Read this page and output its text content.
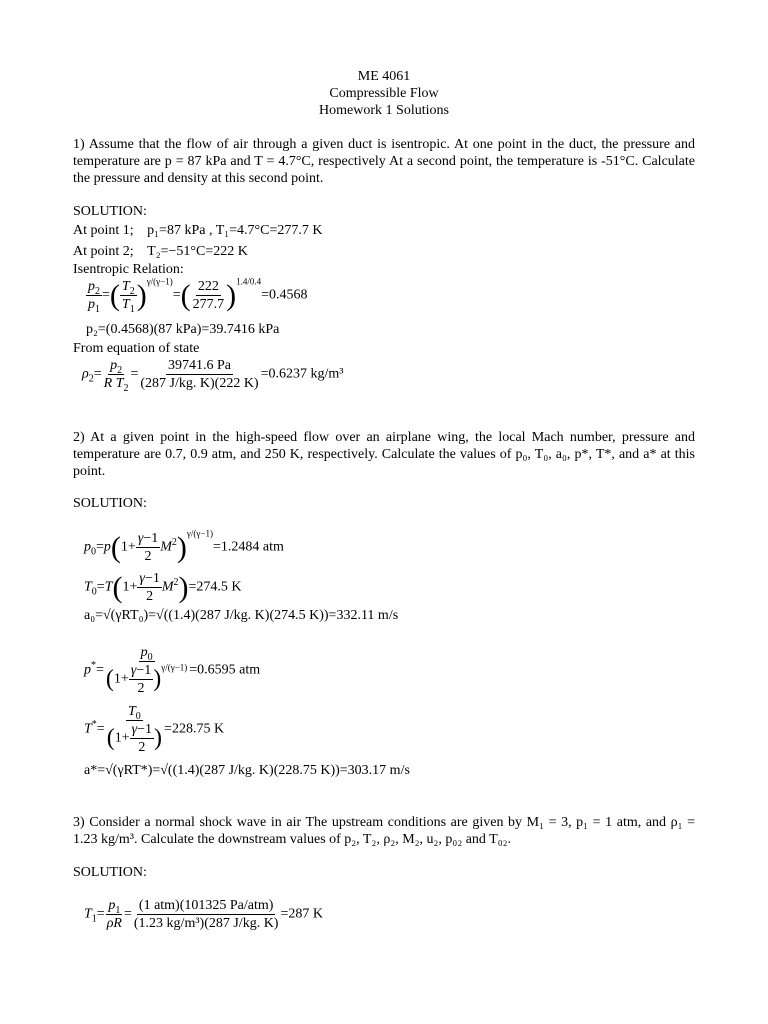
ME 4061
Compressible Flow
Homework 1 Solutions
1) Assume that the flow of air through a given duct is isentropic. At one point in the duct, the pressure and temperature are p = 87 kPa and T = 4.7°C, respectively At a second point, the temperature is -51°C. Calculate the pressure and density at this second point.
SOLUTION:
At point 1; p₁=87 kPa , T₁=4.7°C=277.7 K
At point 2; T₂=−51°C=222 K
Isentropic Relation:
$\frac{p_2}{p_1}$ =( $\frac{T_2}{T_1} )^{\gamma/(\gamma-1)}=( \frac{222}{277.7} )^{1.4/0.4}=0.4568$
p₂=(0.4568)(87 kPa)=39.7416 kPa
From equation of state
$\rho_2= \frac{p_2}{R T_2} = \frac{39741.6 Pa}{(287 J/kg. K)(222 K)} =0.6237$ kg/m³
2) At a given point in the high-speed flow over an airplane wing, the local Mach number, pressure and temperature are 0.7, 0.9 atm, and 250 K, respectively. Calculate the values of p₀, T₀, a₀, p*, T*, and a* at this point.
SOLUTION:
$p_0=p(1+ \frac{\gamma-1}{2} M^2)^{\gamma/(\gamma-1)}=1.2484$ atm
$T_0=T(1+ \frac{\gamma-1}{2} M^2)=274.5$ K
a₀=√(γRT₀)=√((1.4)(287 J/kg. K)(274.5 K))=332.11 m/s
$p^*= \frac{p_0}{(1+ \frac{\gamma-1}{2} )^{\gamma/(\gamma-1)}} =0.6595$ atm
$T^*= \frac{T_0}{(1+ \frac{\gamma-1}{2} )} =228.75$ K
a*=√(γRT*)=√((1.4)(287 J/kg. K)(228.75 K))=303.17 m/s
3) Consider a normal shock wave in air The upstream conditions are given by M₁ = 3, p₁ = 1 atm, and ρ₁ = 1.23 kg/m³. Calculate the downstream values of p₂, T₂, ρ₂, M₂, u₂, p₀₂ and T₀₂.
SOLUTION:
$T_1= \frac{p_1}{\rho R} = \frac{\text{(1 atm)(101325 Pa/atm)}}{\text{(1.23 kg/m³)(287 J/kg. K)}} =287$ K
